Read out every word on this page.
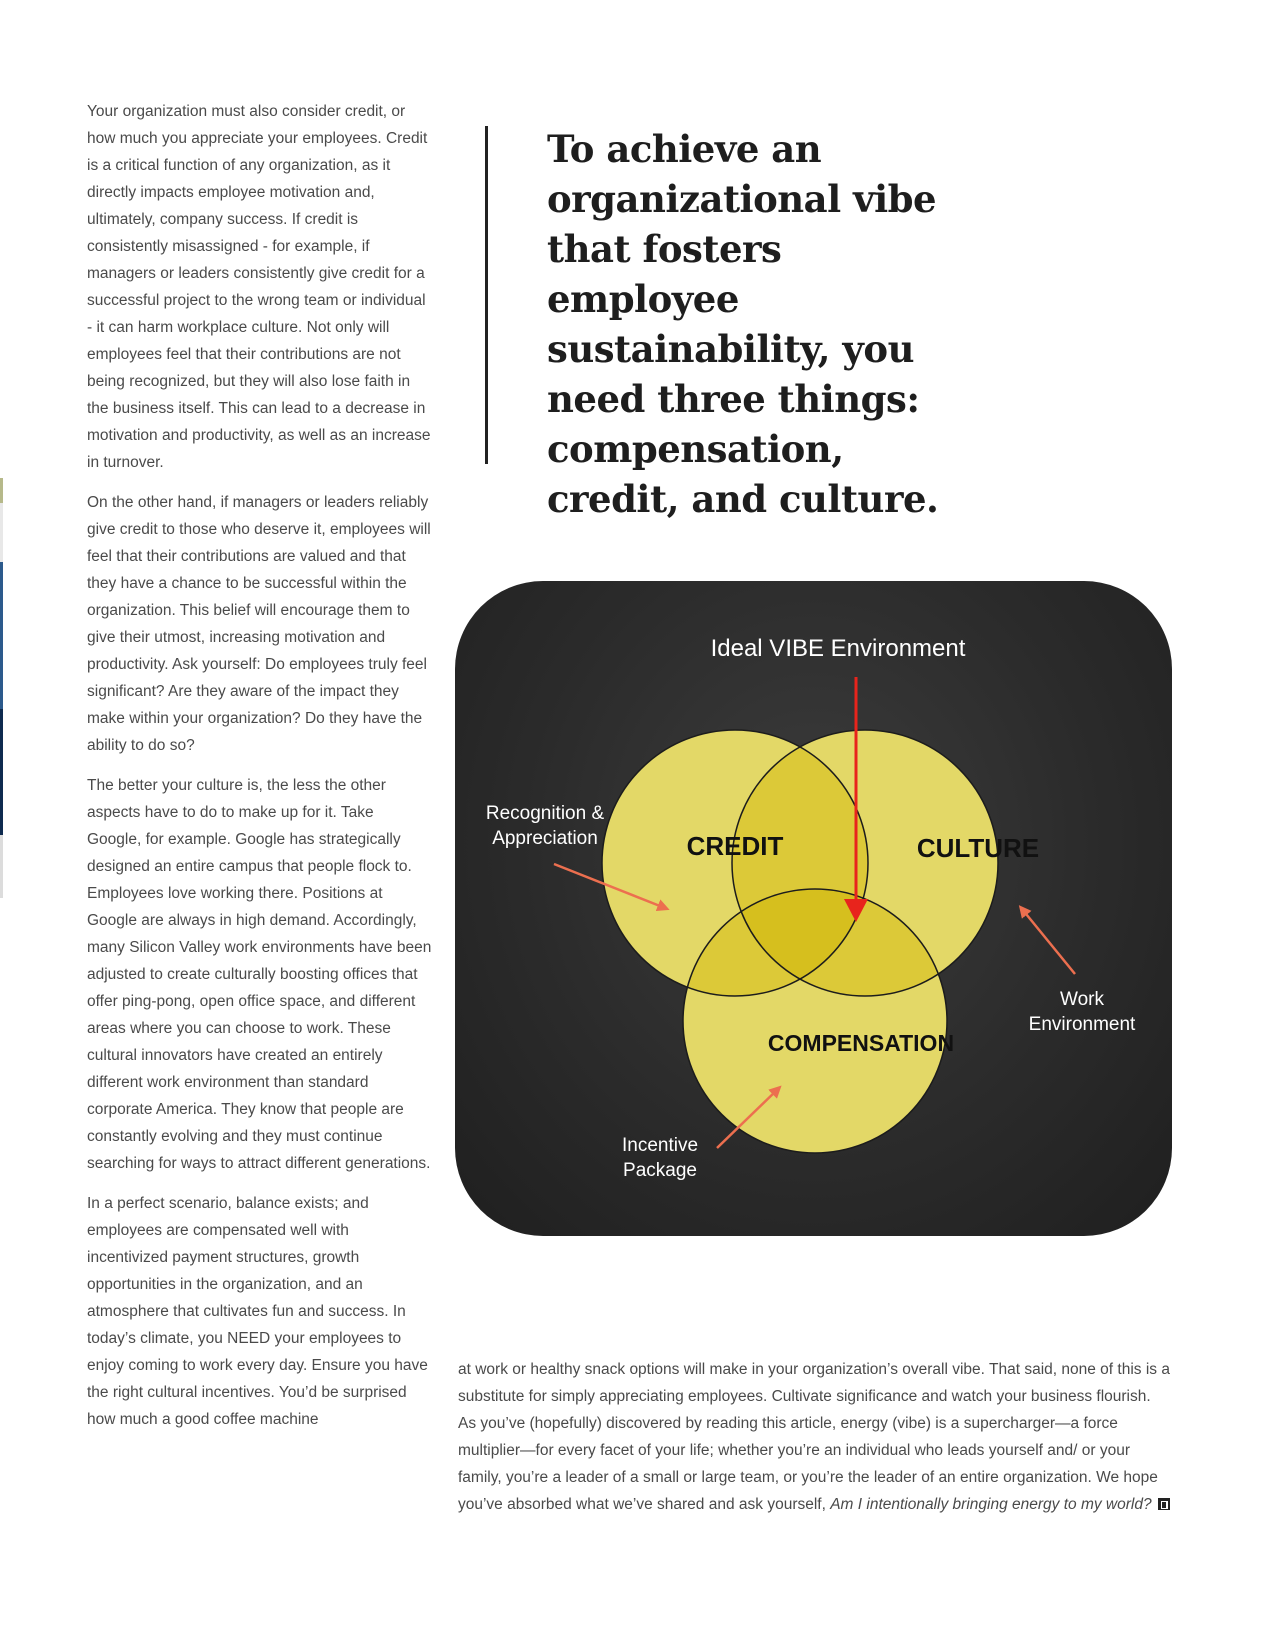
Your organization must also consider credit, or how much you appreciate your employees. Credit is a critical function of any organization, as it directly impacts employee motivation and, ultimately, company success. If credit is consistently misassigned - for example, if managers or leaders consistently give credit for a successful project to the wrong team or individual - it can harm workplace culture. Not only will employees feel that their contributions are not being recognized, but they will also lose faith in the business itself. This can lead to a decrease in motivation and productivity, as well as an increase in turnover.

On the other hand, if managers or leaders reliably give credit to those who deserve it, employees will feel that their contributions are valued and that they have a chance to be successful within the organization. This belief will encourage them to give their utmost, increasing motivation and productivity. Ask yourself: Do employees truly feel significant? Are they aware of the impact they make within your organization? Do they have the ability to do so?

The better your culture is, the less the other aspects have to do to make up for it. Take Google, for example. Google has strategically designed an entire campus that people flock to. Employees love working there. Positions at Google are always in high demand. Accordingly, many Silicon Valley work environments have been adjusted to create culturally boosting offices that offer ping-pong, open office space, and different areas where you can choose to work. These cultural innovators have created an entirely different work environment than standard corporate America. They know that people are constantly evolving and they must continue searching for ways to attract different generations.

In a perfect scenario, balance exists; and employees are compensated well with incentivized payment structures, growth opportunities in the organization, and an atmosphere that cultivates fun and success. In today’s climate, you NEED your employees to enjoy coming to work every day. Ensure you have the right cultural incentives. You’d be surprised how much a good coffee machine

To achieve an organizational vibe that fosters employee sustainability, you need three things: compensation, credit, and culture.
Ideal VIBE Environment
CREDIT	CULTURE
COMPENSATION
Recognition &
Appreciation
Work
Environment
Incentive
Package

at work or healthy snack options will make in your organization’s overall vibe. That said, none of this is a substitute for simply appreciating employees. Cultivate significance and watch your business flourish. As you’ve (hopefully) discovered by reading this article, energy (vibe) is a supercharger—a force multiplier—for every facet of your life; whether you’re an individual who leads yourself and/ or your family, you’re a leader of a small or large team, or you’re the leader of an entire organization. We hope you’ve absorbed what we’ve shared and ask yourself, Am I intentionally bringing energy to my world?
